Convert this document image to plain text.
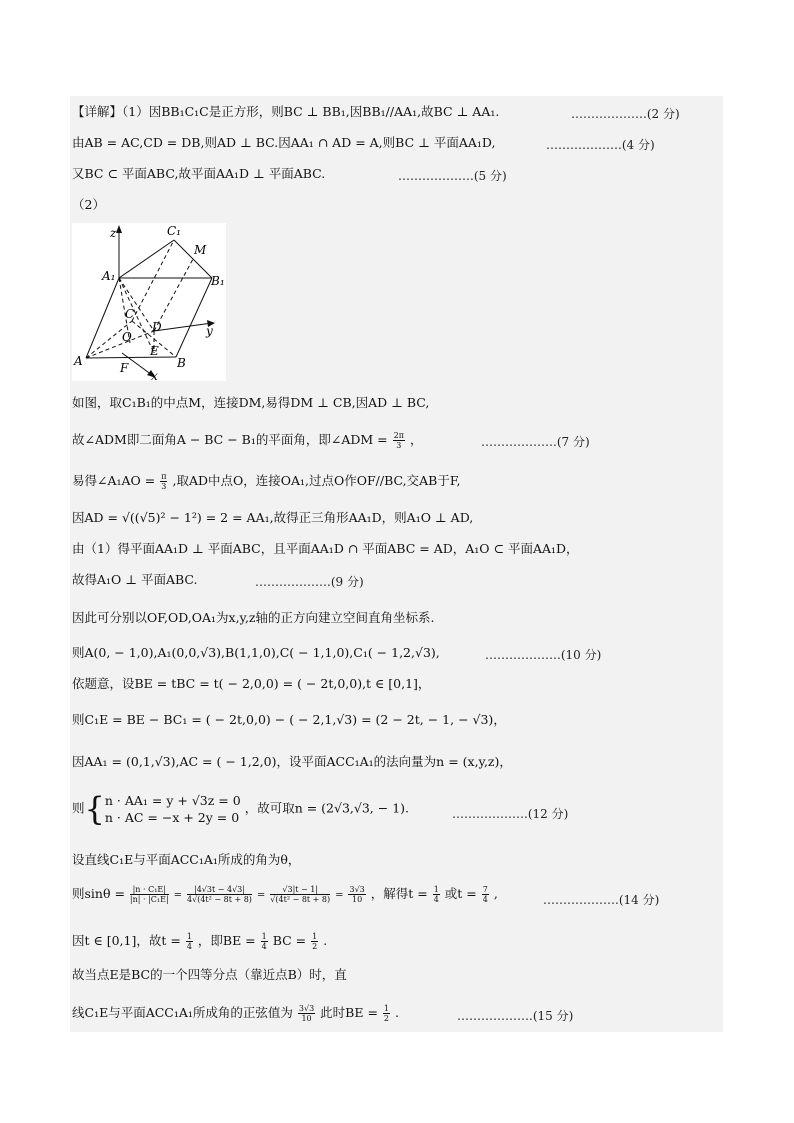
【详解】（1）因BB₁C₁C是正方形，则BC ⊥ BB₁,因BB₁//AA₁,故BC ⊥ AA₁.	……………….(2 分)
由AB = AC,CD = DB,则AD ⊥ BC.因AA₁ ∩ AD = A,则BC ⊥ 平面AA₁D,	……………….(4 分)
又BC ⊂ 平面ABC,故平面AA₁D ⊥ 平面ABC.	……………….(5 分)
（2）
z	C₁
M
A₁	B₁
C
D
O	y
A
E
B
F
x
如图，取C₁B₁的中点M，连接DM,易得DM ⊥ CB,因AD ⊥ BC,
故∠ADM即二面角A − BC − B₁的平面角，即∠ADM = $\frac{2\pi}{3}$ ，	……………….(7 分)
易得∠A₁AO = $\frac{\pi}{3}$ ,取AD中点O，连接OA₁,过点O作OF//BC,交AB于F,
因AD = √((√5)² − 1²) = 2 = AA₁,故得正三角形AA₁D，则A₁O ⊥ AD,
由（1）得平面AA₁D ⊥ 平面ABC，且平面AA₁D ∩ 平面ABC = AD，A₁O ⊂ 平面AA₁D，
故得A₁O ⊥ 平面ABC.	……………….(9 分)
因此可分别以OF,OD,OA₁为x,y,z轴的正方向建立空间直角坐标系.
则A(0, − 1,0),A₁(0,0,√3),B(1,1,0),C( − 1,1,0),C₁( − 1,2,√3),	……………….(10 分)
依题意，设BE = tBC = t( − 2,0,0) = ( − 2t,0,0),t ∈ [0,1]，
则C₁E = BE − BC₁ = ( − 2t,0,0) − ( − 2,1,√3) = (2 − 2t, − 1, − √3)，
因AA₁ = (0,1,√3),AC = ( − 1,2,0)，设平面ACC₁A₁的法向量为n = (x,y,z)，
则{ n · AA₁ = y + √3z = 0
n · AC = −x + 2y = 0
，故可取n = (2√3,√3, − 1).	……………….(12 分)
设直线C₁E与平面ACC₁A₁所成的角为θ，
则$\sin\theta = \frac{\text{|n · C₁E|}}{\text{|n| · |C₁E|}} = \frac{|4√3t - 4√3|}{\text{4√(4t² − 8t + 8)}} = \frac{√3|t - 1|}{\text{√(4t² − 8t + 8)}} = \frac{3√3}{10}$ ，解得$t = \frac{1}{4}$ 或$t = \frac{7}{4}$ ,	……………….(14 分)
因t ∈ [0,1]，故$t = \frac{1}{4}$ ，即BE = $\frac{1}{4}$ BC = $\frac{1}{2}$ .
故当点E是BC的一个四等分点（靠近点B）时，直
线C₁E与平面ACC₁A₁所成角的正弦值为 $\frac{3√3}{10}$ 此时BE = $\frac{1}{2}$ .	……………….(15 分)
